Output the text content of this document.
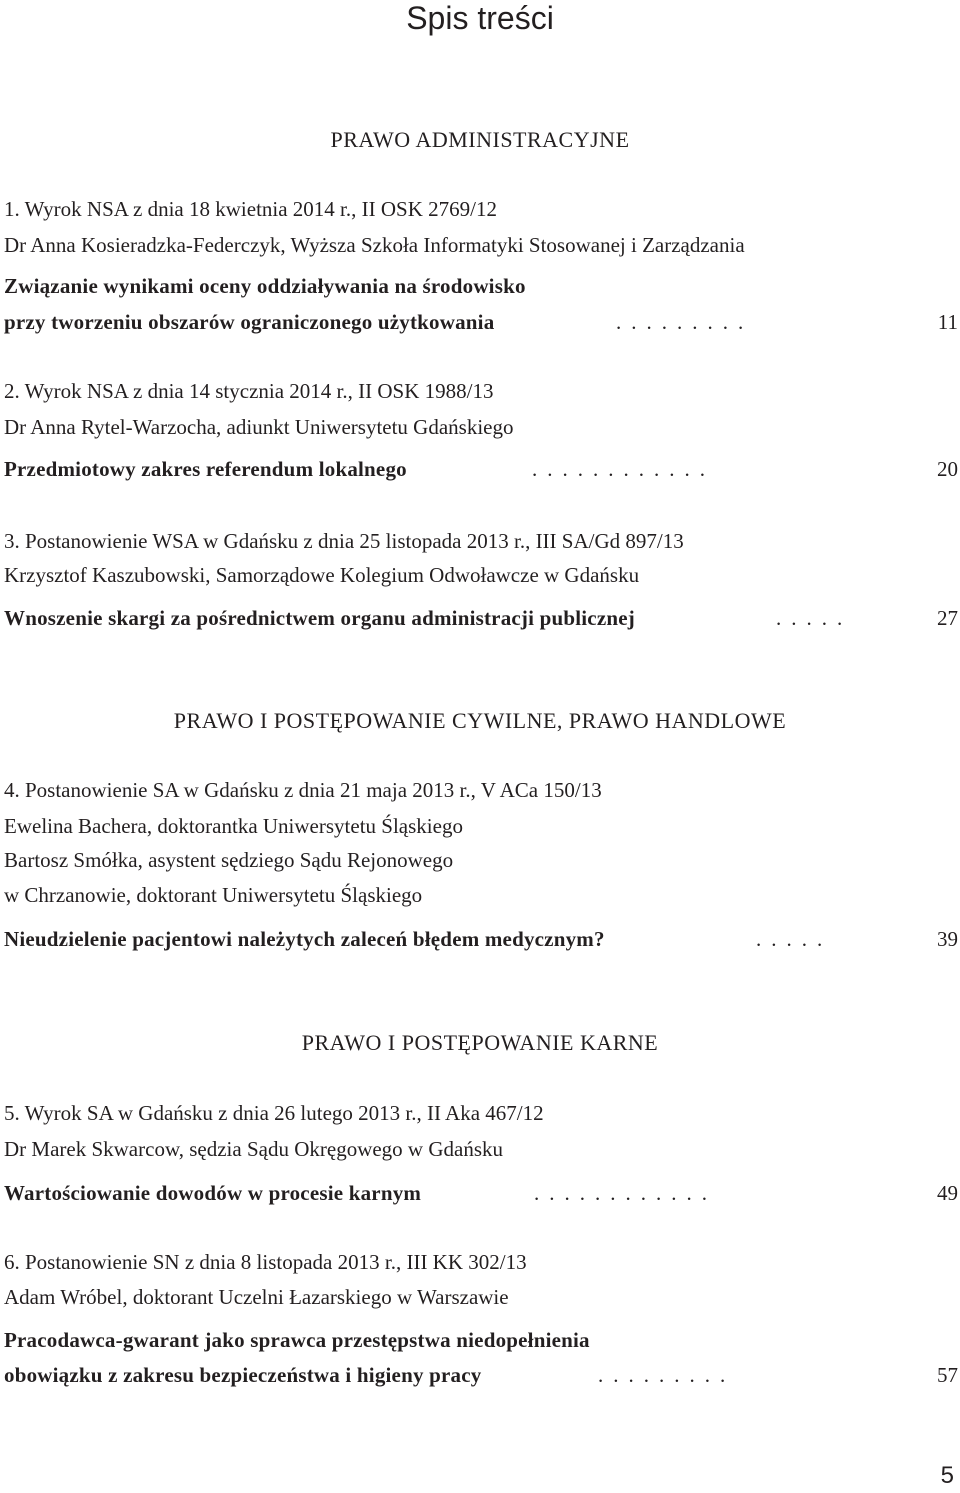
Spis treści
PRAWO ADMINISTRACYJNE
1. Wyrok NSA z dnia 18 kwietnia 2014 r., II OSK 2769/12
Dr Anna Kosieradzka-Federczyk, Wyższa Szkoła Informatyki Stosowanej i Zarządzania
Związanie wynikami oceny oddziaływania na środowisko
przy tworzeniu obszarów ograniczonego użytkowania	.........	11
2. Wyrok NSA z dnia 14 stycznia 2014 r., II OSK 1988/13
Dr Anna Rytel-Warzocha, adiunkt Uniwersytetu Gdańskiego
Przedmiotowy zakres referendum lokalnego	............	20
3. Postanowienie WSA w Gdańsku z dnia 25 listopada 2013 r., III SA/Gd 897/13
Krzysztof Kaszubowski, Samorządowe Kolegium Odwoławcze w Gdańsku
Wnoszenie skargi za pośrednictwem organu administracji publicznej	.....	27
PRAWO I POSTĘPOWANIE CYWILNE, PRAWO HANDLOWE
4. Postanowienie SA w Gdańsku z dnia 21 maja 2013 r., V ACa 150/13
Ewelina Bachera, doktorantka Uniwersytetu Śląskiego
Bartosz Smółka, asystent sędziego Sądu Rejonowego
w Chrzanowie, doktorant Uniwersytetu Śląskiego
Nieudzielenie pacjentowi należytych zaleceń błędem medycznym?	.....	39
PRAWO I POSTĘPOWANIE KARNE
5. Wyrok SA w Gdańsku z dnia 26 lutego 2013 r., II Aka 467/12
Dr Marek Skwarcow, sędzia Sądu Okręgowego w Gdańsku
Wartościowanie dowodów w procesie karnym	............	49
6. Postanowienie SN z dnia 8 listopada 2013 r., III KK 302/13
Adam Wróbel, doktorant Uczelni Łazarskiego w Warszawie
Pracodawca-gwarant jako sprawca przestępstwa niedopełnienia
obowiązku z zakresu bezpieczeństwa i higieny pracy	.........	57
5
